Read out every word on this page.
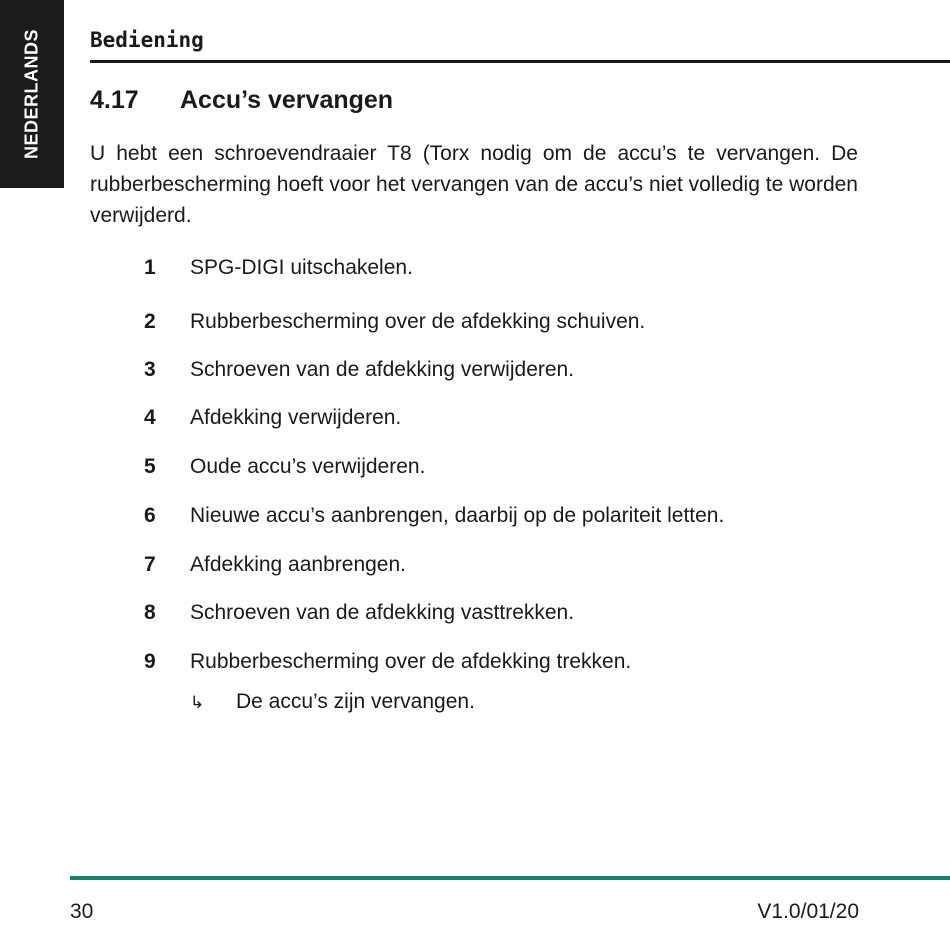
NEDERLANDS Bediening
4.17 Accu’s vervangen

U hebt een schroevendraaier T8 (Torx nodig om de accu’s te vervangen. De rubberbescherming hoeft voor het vervangen van de accu’s niet volledig te worden verwijderd.

1 SPG-DIGI uitschakelen.
2 Rubberbescherming over de afdekking schuiven.
3 Schroeven van de afdekking verwijderen.
4 Afdekking verwijderen.
5 Oude accu’s verwijderen.
6 Nieuwe accu’s aanbrengen, daarbij op de polariteit letten.
7 Afdekking aanbrengen.
8 Schroeven van de afdekking vasttrekken.
9 Rubberbescherming over de afdekking trekken.
↳ De accu’s zijn vervangen.
30	V1.0/01/20
